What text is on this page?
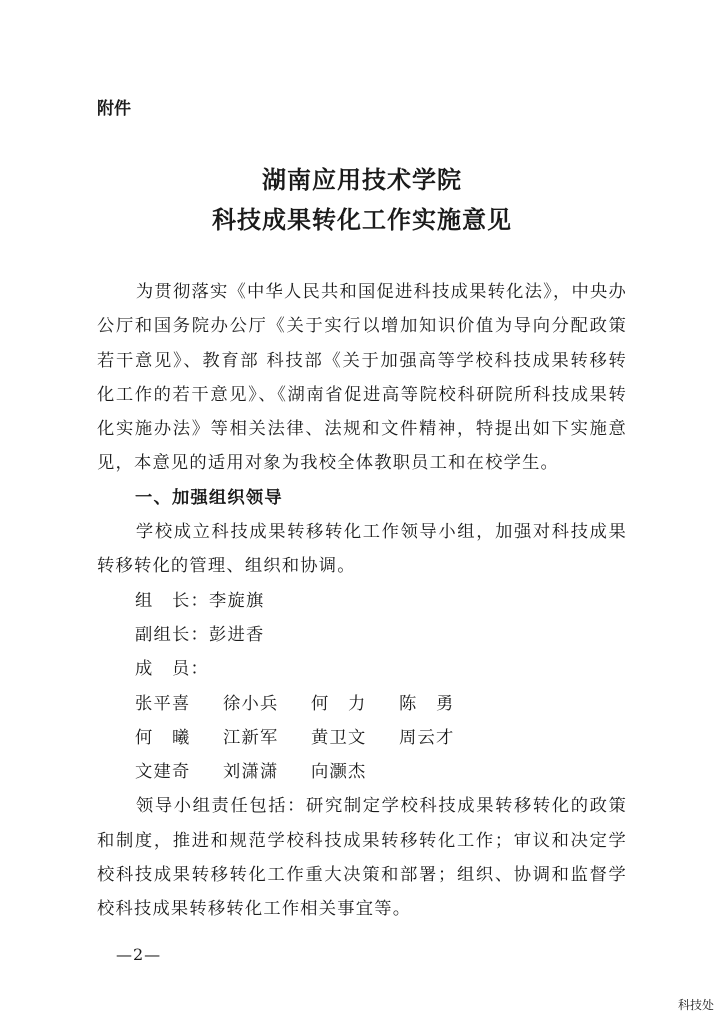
附件
湖南应用技术学院
科技成果转化工作实施意见

为贯彻落实《中华人民共和国促进科技成果转化法》，中央办公厅和国务院办公厅《关于实行以增加知识价值为导向分配政策若干意见》、教育部 科技部《关于加强高等学校科技成果转移转化工作的若干意见》、《湖南省促进高等院校科研院所科技成果转化实施办法》等相关法律、法规和文件精神，特提出如下实施意见，本意见的适用对象为我校全体教职员工和在校学生。

一、加强组织领导

学校成立科技成果转移转化工作领导小组，加强对科技成果转移转化的管理、组织和协调。

组　长：李旋旗

副组长：彭进香

成　员：张平喜 徐小兵 何　力 陈　勇何　曦 江新军 黄卫文 周云才文建奇 刘潇潇 向灏杰

领导小组责任包括：研究制定学校科技成果转移转化的政策和制度，推进和规范学校科技成果转移转化工作；审议和决定学校科技成果转移转化工作重大决策和部署；组织、协调和监督学校科技成果转移转化工作相关事宜等。

—2—
科技处
